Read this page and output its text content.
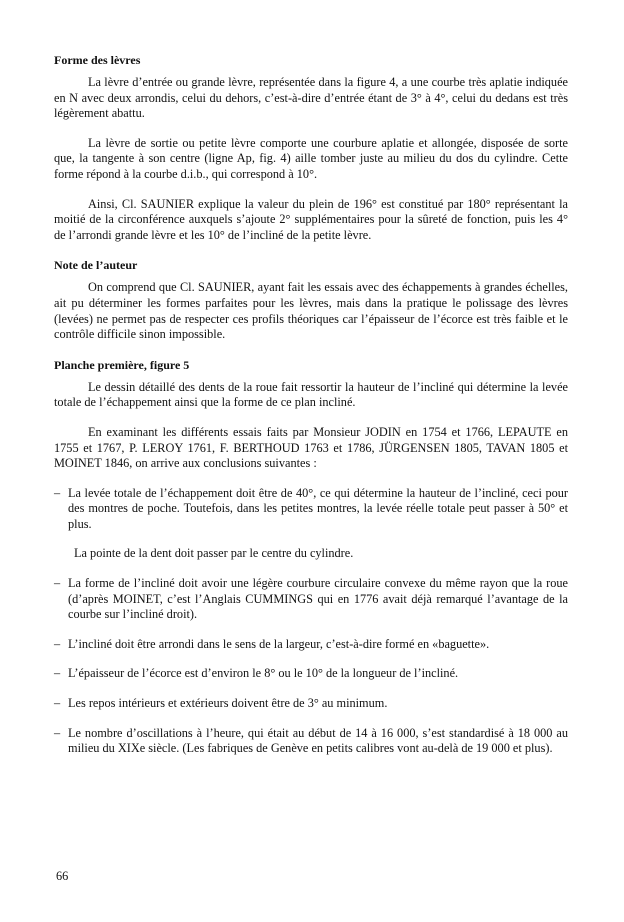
Forme des lèvres

La lèvre d’entrée ou grande lèvre, représentée dans la figure 4, a une courbe très aplatie indiquée en N avec deux arrondis, celui du dehors, c’est-à-dire d’entrée étant de 3° à 4°, celui du dedans est très légèrement abattu.

La lèvre de sortie ou petite lèvre comporte une courbure aplatie et allongée, disposée de sorte que, la tangente à son centre (ligne Ap, fig. 4) aille tomber juste au milieu du dos du cylindre. Cette forme répond à la courbe d.i.b., qui correspond à 10°.

Ainsi, Cl. SAUNIER explique la valeur du plein de 196° est constitué par 180° représentant la moitié de la circonférence auxquels s’ajoute 2° supplémentaires pour la sûreté de fonction, puis les 4° de l’arrondi grande lèvre et les 10° de l’incliné de la petite lèvre.

Note de l’auteur

On comprend que Cl. SAUNIER, ayant fait les essais avec des échappements à grandes échelles, ait pu déterminer les formes parfaites pour les lèvres, mais dans la pratique le polissage des lèvres (levées) ne permet pas de respecter ces profils théoriques car l’épaisseur de l’écorce est très faible et le contrôle difficile sinon impossible.

Planche première, figure 5

Le dessin détaillé des dents de la roue fait ressortir la hauteur de l’incliné qui détermine la levée totale de l’échappement ainsi que la forme de ce plan incliné.

En examinant les différents essais faits par Monsieur JODIN en 1754 et 1766, LEPAUTE en 1755 et 1767, P. LEROY 1761, F. BERTHOUD 1763 et 1786, JÜRGENSEN 1805, TAVAN 1805 et MOINET 1846, on arrive aux conclusions suivantes :

– La levée totale de l’échappement doit être de 40°, ce qui détermine la hauteur de l’incliné, ceci pour des montres de poche. Toutefois, dans les petites montres, la levée réelle totale peut passer à 50° et plus.

La pointe de la dent doit passer par le centre du cylindre.

– La forme de l’incliné doit avoir une légère courbure circulaire convexe du même rayon que la roue (d’après MOINET, c’est l’Anglais CUMMINGS qui en 1776 avait déjà remarqué l’avantage de la courbe sur l’incliné droit).

– L’incliné doit être arrondi dans le sens de la largeur, c’est-à-dire formé en «baguette».

– L’épaisseur de l’écorce est d’environ le 8° ou le 10° de la longueur de l’incliné.

– Les repos intérieurs et extérieurs doivent être de 3° au minimum.

– Le nombre d’oscillations à l’heure, qui était au début de 14 à 16 000, s’est standardisé à 18 000 au milieu du XIXe siècle. (Les fabriques de Genève en petits calibres vont au-delà de 19 000 et plus).

66
